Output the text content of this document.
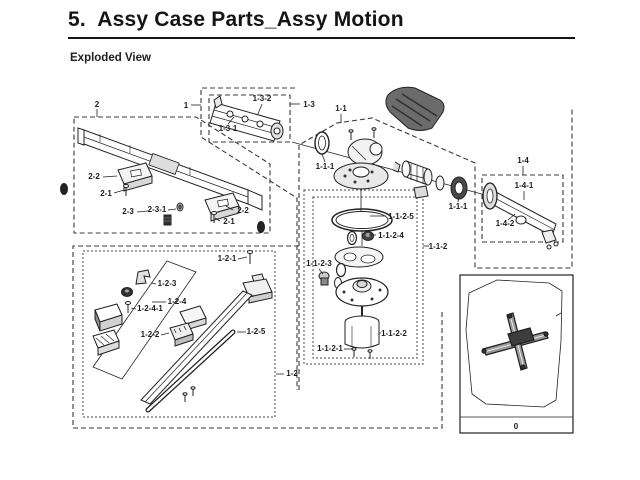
5.  Assy Case Parts_Assy Motion
Exploded View
1
2	1-3
1-3-2
1-3-1
1-1
1-1-1
1-1-1
1-4
1-4-1
1-4-2
1-1-2
1-1-2-5
1-1-2-4
1-1-2-3
1-1-2-2
1-1-2-1
1-2
1-2-1
1-2-3
1-2-4
1-2-4-1
1-2-2	1-2-5
2-2
2-1
2-3 2-3-1	2-2
2-1
0
